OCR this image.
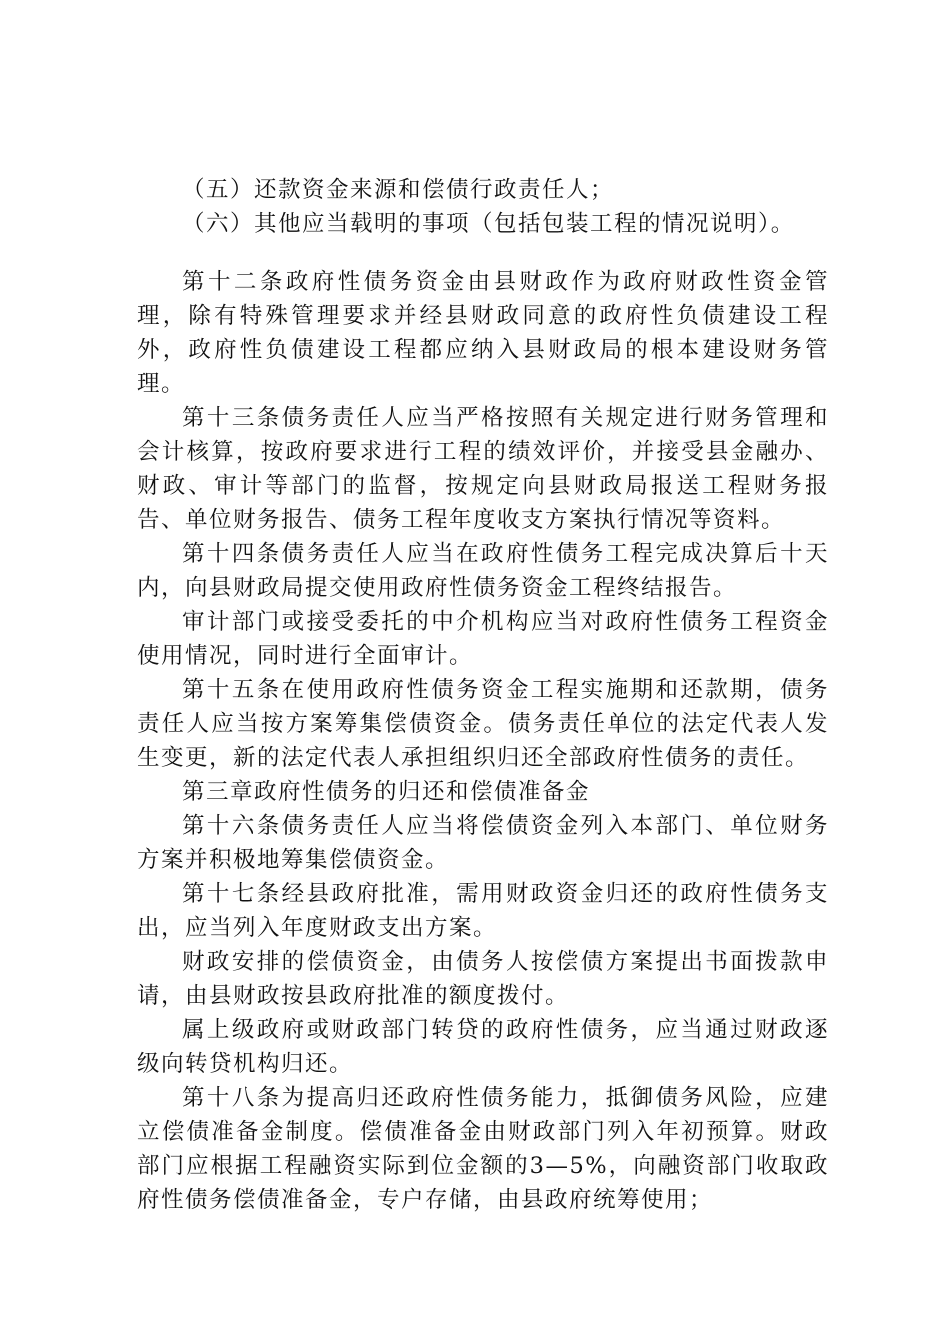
（五）还款资金来源和偿债行政责任人；

（六）其他应当载明的事项（包括包装工程的情况说明）。

第十二条政府性债务资金由县财政作为政府财政性资金管理，除有特殊管理要求并经县财政同意的政府性负债建设工程外，政府性负债建设工程都应纳入县财政局的根本建设财务管理。

第十三条债务责任人应当严格按照有关规定进行财务管理和会计核算，按政府要求进行工程的绩效评价，并接受县金融办、财政、审计等部门的监督，按规定向县财政局报送工程财务报告、单位财务报告、债务工程年度收支方案执行情况等资料。

第十四条债务责任人应当在政府性债务工程完成决算后十天内，向县财政局提交使用政府性债务资金工程终结报告。

审计部门或接受委托的中介机构应当对政府性债务工程资金使用情况，同时进行全面审计。

第十五条在使用政府性债务资金工程实施期和还款期，债务责任人应当按方案筹集偿债资金。债务责任单位的法定代表人发生变更，新的法定代表人承担组织归还全部政府性债务的责任。

第三章政府性债务的归还和偿债准备金

第十六条债务责任人应当将偿债资金列入本部门、单位财务方案并积极地筹集偿债资金。

第十七条经县政府批准，需用财政资金归还的政府性债务支出，应当列入年度财政支出方案。

财政安排的偿债资金，由债务人按偿债方案提出书面拨款申请，由县财政按县政府批准的额度拨付。

属上级政府或财政部门转贷的政府性债务，应当通过财政逐级向转贷机构归还。

第十八条为提高归还政府性债务能力，抵御债务风险，应建立偿债准备金制度。偿债准备金由财政部门列入年初预算。财政部门应根据工程融资实际到位金额的3—5%，向融资部门收取政府性债务偿债准备金，专户存储，由县政府统筹使用；
